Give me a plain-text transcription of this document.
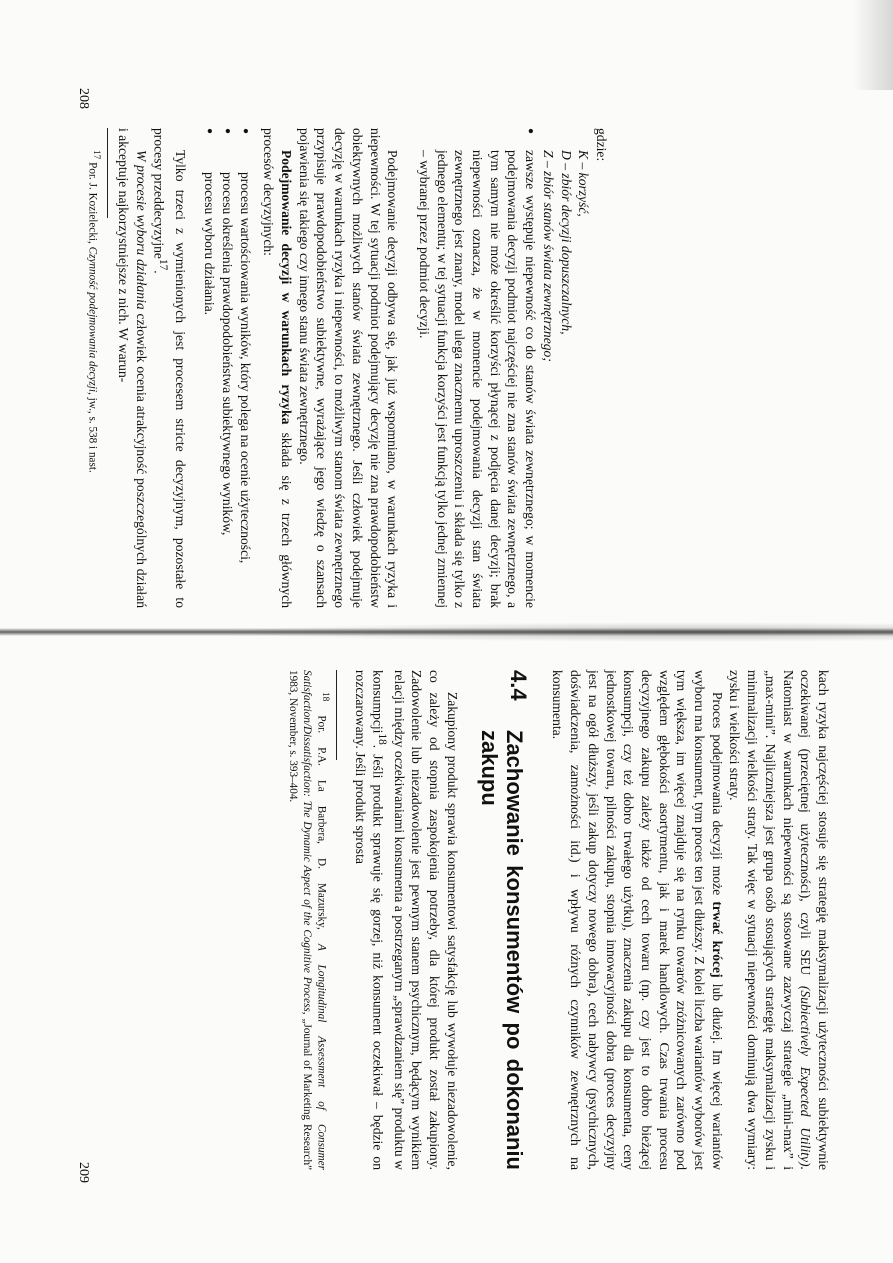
gdzie:

K – korzyść,

D – zbiór decyzji dopuszczalnych,

Z – zbiór stanów świata zewnętrznego;

● zawsze występuje niepewność co do stanów świata zewnętrznego; w momencie podejmowania decyzji podmiot najczęściej nie zna stanów świata zewnętrznego, a tym samym nie może określić korzyści płynącej z podjęcia danej decyzji; brak niepewności oznacza, że w momencie podejmowania decyzji stan świata zewnętrznego jest znany, model ulega znacznemu uproszczeniu i składa się tylko z jednego elementu; w tej sytuacji funkcja korzyści jest funkcją tylko jednej zmiennej – wybranej przez podmiot decyzji.

Podejmowanie decyzji odbywa się, jak już wspomniano, w warunkach ryzyka i niepewności. W tej sytuacji podmiot podejmujący decyzję nie zna prawdopodobieństw obiektywnych możliwych stanów świata zewnętrznego. Jeśli człowiek podejmuje decyzję w warunkach ryzyka i niepewności, to możliwym stanom świata zewnętrznego przypisuje prawdopodobieństwo subiektywne, wyrażające jego wiedzę o szansach pojawienia się takiego czy innego stanu świata zewnętrznego.

Podejmowanie decyzji w warunkach ryzyka składa się z trzech głównych procesów decyzyjnych:

● procesu wartościowania wyników, który polega na ocenie użyteczności,

● procesu określenia prawdopodobieństwa subiektywnego wyników,

● procesu wyboru działania.

Tylko trzeci z wymienionych jest procesem stricte decyzyjnym, pozostałe to procesy przeddecyzyjne$^{17}$.

W procesie wyboru działania człowiek ocenia atrakcyjność poszczególnych działań i akceptuje najkorzystniejsze z nich. W warun-

$^{17}$ Por. J. Kozielecki, Czynność podejmowania decyzji, jw., s. 538 i nast.

208

kach ryzyka najczęściej stosuje się strategię maksymalizacji użyteczności subiektywnie oczekiwanej (przeciętnej użyteczności), czyli SEU (Subiectively Expected Utility). Natomiast w warunkach niepewności są stosowane zazwyczaj strategie „mini-max” i „max-mini”. Najliczniejsza jest grupa osób stosujących strategię maksymalizacji zysku i minimalizacji wielkości straty. Tak więc w sytuacji niepewności dominują dwa wymiary: zysku i wielkości straty.

Proces podejmowania decyzji może trwać krócej lub dłużej. Im więcej wariantów wyboru ma konsument, tym proces ten jest dłuższy. Z kolei liczba wariantów wyborów jest tym większa, im więcej znajduje się na rynku towarów zróżnicowanych zarówno pod względem głębokości asortymentu, jak i marek handlowych. Czas trwania procesu decyzyjnego zakupu zależy także od cech towaru (np. czy jest to dobro bieżącej konsumpcji, czy też dobro trwałego użytku), znaczenia zakupu dla konsumenta, ceny jednostkowej towaru, pilności zakupu, stopnia innowacyjności dobra (proces decyzyjny jest na ogół dłuższy, jeśli zakup dotyczy nowego dobra), cech nabywcy (psychicznych, doświadczenia, zamożności itd.) i wpływu różnych czynników zewnętrznych na konsumenta.

4.4
Zachowanie konsumentów po dokonaniu zakupu

Zakupiony produkt sprawia konsumentowi satysfakcję lub wywołuje niezadowolenie, co zależy od stopnia zaspokojenia potrzeby, dla której produkt został zakupiony. Zadowolenie lub niezadowolenie jest pewnym stanem psychicznym, będącym wynikiem relacji między oczekiwaniami konsumenta a postrzeganym „sprawdzaniem się” produktu w konsumpcji$^{18}$. Jeśli produkt sprawuje się gorzej, niż konsument oczekiwał – będzie on rozczarowany. Jeśli produkt sprosta

$^{18}$ Por. P.A. La Barbera, D. Mazursky, A Longitudinal Assessment of Consumer Satisfaction/Dissatisfaction: The Dynamic Aspect of the Cognitive Process, „Journal of Marketing Research” 1983, November, s. 393–404.

209
